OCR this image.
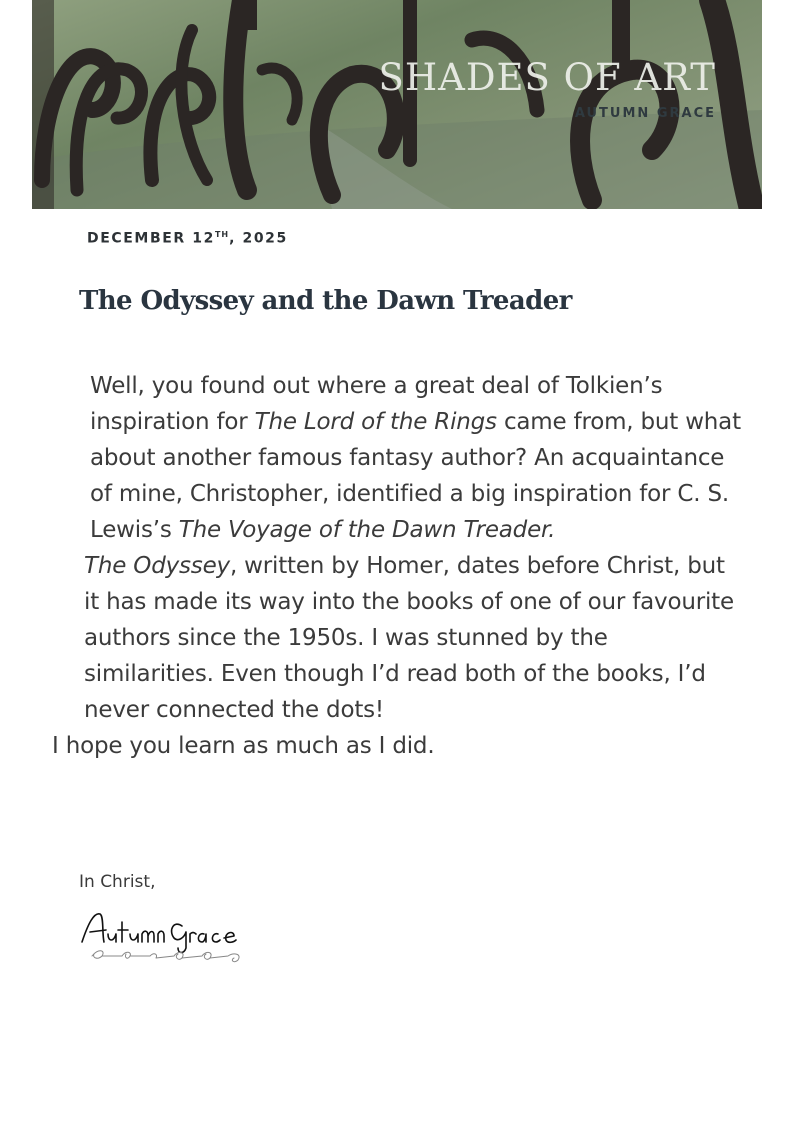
SHADES OF ART
AUTUMN GRACE
DECEMBER 12TH, 2025
The Odyssey and the Dawn Treader

Well, you found out where a great deal of Tolkien’s inspiration for The Lord of the Rings came from, but what about another famous fantasy author? An acquaintance of mine, Christopher, identified a big inspiration for C. S. Lewis’s The Voyage of the Dawn Treader.

The Odyssey, written by Homer, dates before Christ, but it has made its way into the books of one of our favourite authors since the 1950s. I was stunned by the similarities. Even though I’d read both of the books, I’d never connected the dots!

I hope you learn as much as I did.

In Christ,
